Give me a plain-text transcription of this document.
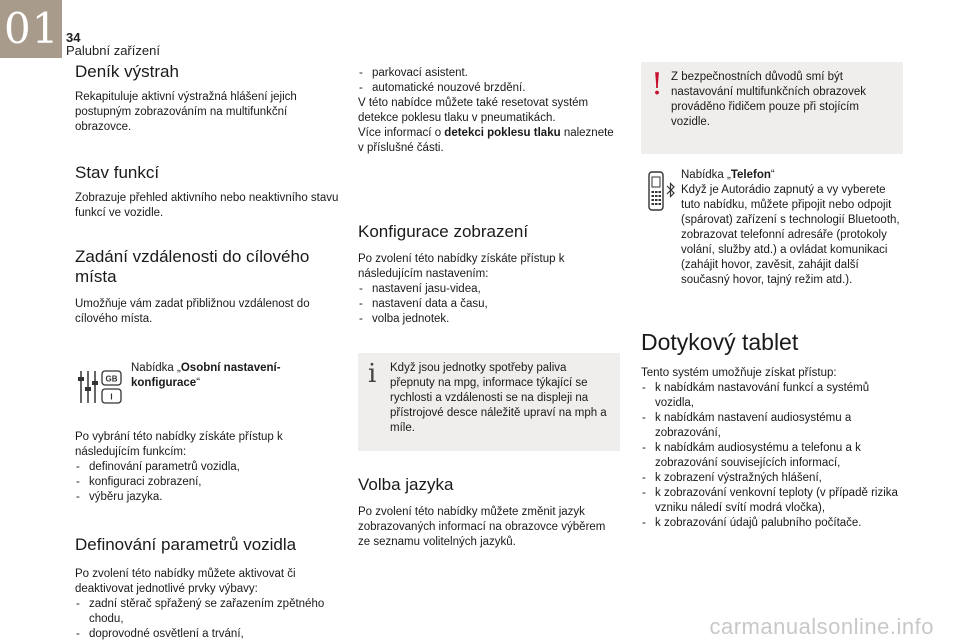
01 34
Palubní zařízení
Deník výstrah

Rekapituluje aktivní výstražná hlášení jejich postupným zobrazováním na multifunkční obrazovce.

Stav funkcí

Zobrazuje přehled aktivního nebo neaktivního stavu funkcí ve vozidle.

Zadání vzdálenosti do cílového místa

Umožňuje vám zadat přibližnou vzdálenost do cílového místa.

GB
I
Nabídka „Osobní nastavení-konfigurace“

Po vybrání této nabídky získáte přístup k následujícím funkcím:

- definování parametrů vozidla,
- konfiguraci zobrazení,
- výběru jazyka.
Definování parametrů vozidla

Po zvolení této nabídky můžete aktivovat či deaktivovat jednotlivé prvky výbavy:

- zadní stěrač spřažený se zařazením zpětného chodu,
- doprovodné osvětlení a trvání,
- parkovací asistent.
- automatické nouzové brzdění.

V této nabídce můžete také resetovat systém detekce poklesu tlaku v pneumatikách.

Více informací o detekci poklesu tlaku naleznete v příslušné části.

Konfigurace zobrazení

Po zvolení této nabídky získáte přístup k následujícím nastavením:

- nastavení jasu-videa,
- nastavení data a času,
- volba jednotek.
i	Když jsou jednotky spotřeby paliva přepnuty na mpg, informace týkající se rychlosti a vzdálenosti se na displeji na přístrojové desce náležitě upraví na mph a míle.

Volba jazyka

Po zvolení této nabídky můžete změnit jazyk zobrazovaných informací na obrazovce výběrem ze seznamu volitelných jazyků.

! Z bezpečnostních důvodů smí být nastavování multifunkčních obrazovek prováděno řidičem pouze při stojícím vozidle.

Nabídka „Telefon“

Když je Autorádio zapnutý a vy vyberete tuto nabídku, můžete připojit nebo odpojit (spárovat) zařízení s technologií Bluetooth, zobrazovat telefonní adresáře (protokoly volání, služby atd.) a ovládat komunikaci (zahájit hovor, zavěsit, zahájit další současný hovor, tajný režim atd.).

Dotykový tablet

Tento systém umožňuje získat přístup:

- k nabídkám nastavování funkcí a systémů vozidla,
- k nabídkám nastavení audiosystému a zobrazování,
- k nabídkám audiosystému a telefonu a k zobrazování souvisejících informací,
- k zobrazení výstražných hlášení,
- k zobrazování venkovní teploty (v případě rizika vzniku náledí svítí modrá vločka),
- k zobrazování údajů palubního počítače.
carmanualsonline.info
